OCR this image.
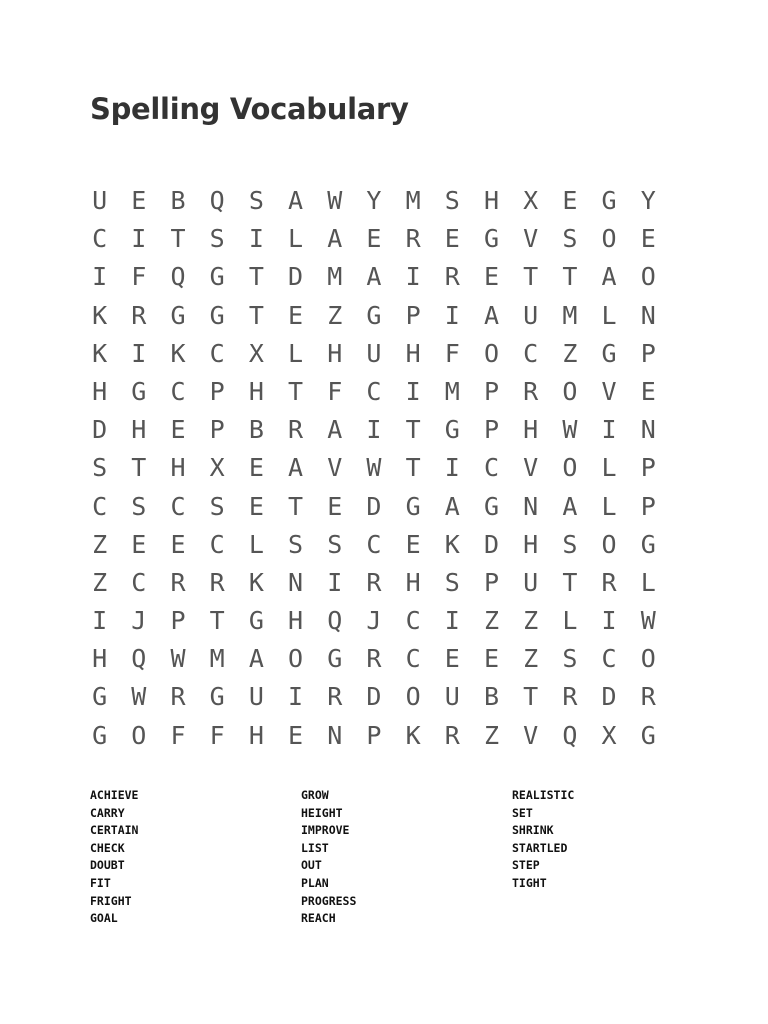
Spelling Vocabulary
U E B Q S A W Y M S H X E G Y
C I T S I L A E R E G V S O E
I F Q G T D M A I R E T T A O
K R G G T E Z G P I A U M L N
K I K C X L H U H F O C Z G P
H G C P H T F C I M P R O V E
D H E P B R A I T G P H W I N
S T H X E A V W T I C V O L P
C S C S E T E D G A G N A L P
Z E E C L S S C E K D H S O G
Z C R R K N I R H S P U T R L
I J P T G H Q J C I Z Z L I W
H Q W M A O G R C E E Z S C O
G W R G U I R D O U B T R D R
G O F F H E N P K R Z V Q X G
ACHIEVE
CARRY
CERTAIN
CHECK
DOUBT
FIT
FRIGHT
GOAL
GROW
HEIGHT
IMPROVE
LIST
OUT
PLAN
PROGRESS
REACH
REALISTIC
SET
SHRINK
STARTLED
STEP
TIGHT
